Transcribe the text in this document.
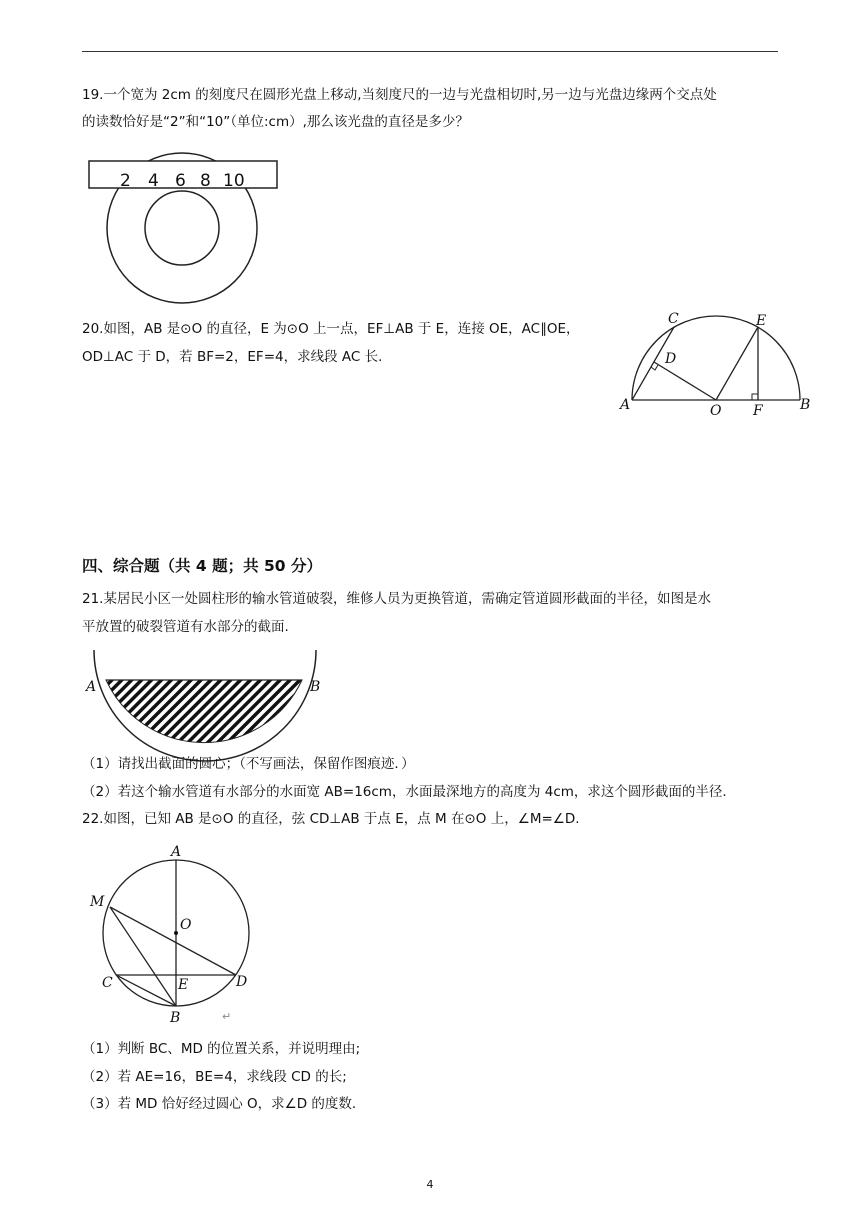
19.一个宽为 2cm 的刻度尺在圆形光盘上移动,当刻度尺的一边与光盘相切时,另一边与光盘边缘两个交点处
的读数恰好是“2”和“10”（单位:cm）,那么该光盘的直径是多少？
2 4 6 8 10
20.如图，AB 是⊙O 的直径，E 为⊙O 上一点，EF⊥AB 于 E，连接 OE，AC∥OE，
OD⊥AC 于 D，若 BF=2，EF=4，求线段 AC 长.
A	B
C
D
E
F
O
四、综合题（共 4 题；共 50 分）
21.某居民小区一处圆柱形的输水管道破裂，维修人员为更换管道，需确定管道圆形截面的半径，如图是水
平放置的破裂管道有水部分的截面.
A	B
（1）请找出截面的圆心；（不写画法，保留作图痕迹．）
（2）若这个输水管道有水部分的水面宽 AB=16cm，水面最深地方的高度为 4cm，求这个圆形截面的半径.
22.如图，已知 AB 是⊙O 的直径，弦 CD⊥AB 于点 E，点 M 在⊙O 上，∠M=∠D.
A
B
C	D
E
M
O
↵
（1）判断 BC、MD 的位置关系，并说明理由;
（2）若 AE=16，BE=4，求线段 CD 的长;
（3）若 MD 恰好经过圆心 O，求∠D 的度数.
4
